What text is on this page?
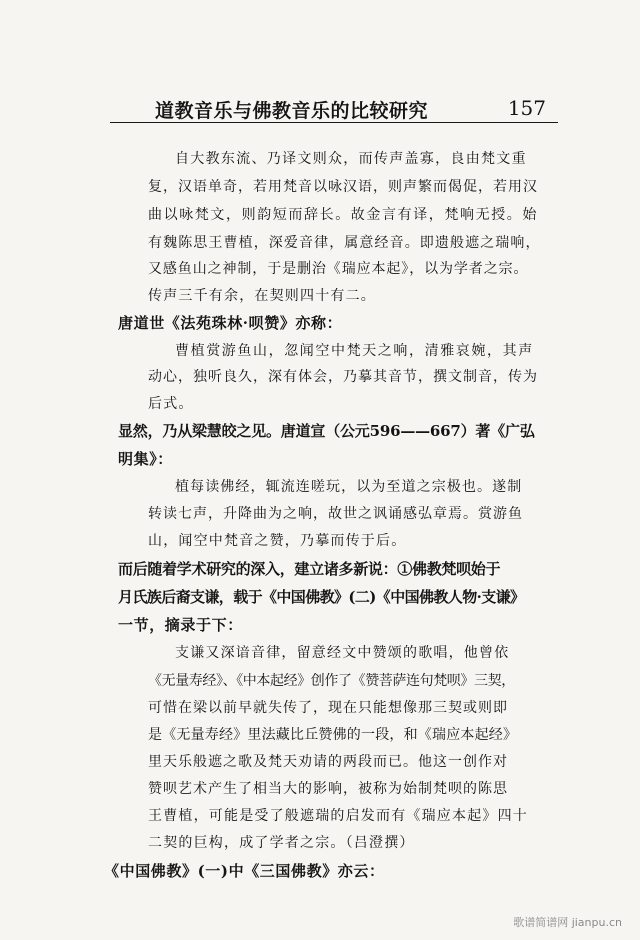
道教音乐与佛教音乐的比较研究	157
自大教东流、乃译文则众，而传声盖寡，良由梵文重
复，汉语单奇，若用梵音以咏汉语，则声繁而偈促，若用汉
曲以咏梵文，则韵短而辞长。故金言有译，梵响无授。始
有魏陈思王曹植，深爱音律，属意经音。即遗般遮之瑞响，
又感鱼山之神制，于是删治《瑞应本起》，以为学者之宗。
传声三千有余，在契则四十有二。
唐道世《法苑珠林·呗赞》亦称：
曹植赏游鱼山，忽闻空中梵天之响，清雅哀婉，其声
动心，独听良久，深有体会，乃摹其音节，撰文制音，传为
后式。
显然，乃从梁慧皎之见。唐道宣（公元596——667）著《广弘
明集》：
植每读佛经，辄流连嗟玩，以为至道之宗极也。遂制
转读七声，升降曲为之响，故世之讽诵感弘章焉。赏游鱼
山，闻空中梵音之赞，乃摹而传于后。
而后随着学术研究的深入，建立诸多新说：①佛教梵呗始于
月氏族后裔支谦，载于《中国佛教》(二)《中国佛教人物·支谦》
一节，摘录于下：
支谦又深谙音律，留意经文中赞颂的歌唱，他曾依
《无量寿经》、《中本起经》创作了《赞菩萨连句梵呗》三契，
可惜在梁以前早就失传了，现在只能想像那三契或则即
是《无量寿经》里法藏比丘赞佛的一段，和《瑞应本起经》
里天乐般遮之歌及梵天劝请的两段而已。他这一创作对
赞呗艺术产生了相当大的影响，被称为始制梵呗的陈思
王曹植，可能是受了般遮瑞的启发而有《瑞应本起》四十
二契的巨构，成了学者之宗。（吕澄撰）
《中国佛教》(一)中《三国佛教》亦云：
歌谱简谱网 jianpu.cn
